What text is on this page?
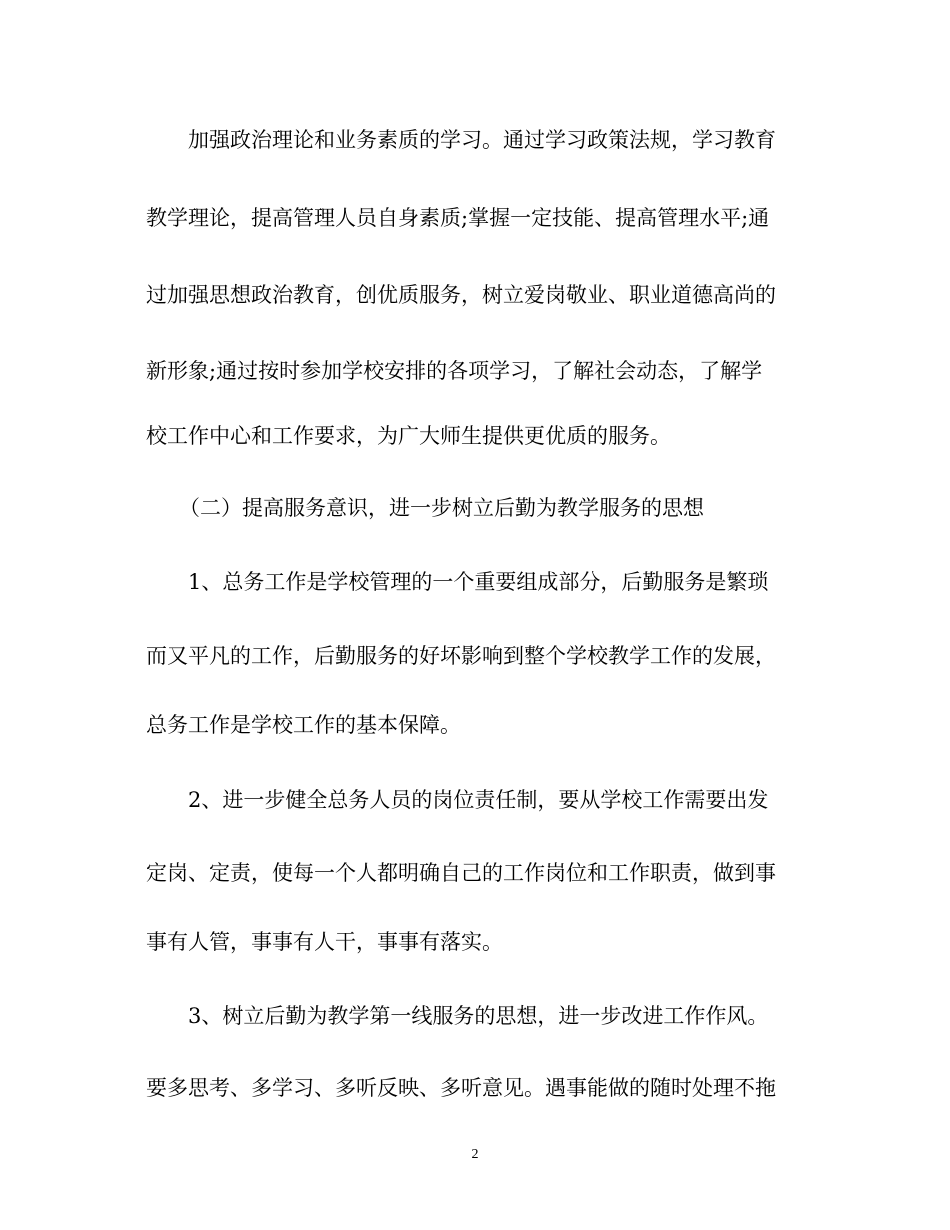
加强政治理论和业务素质的学习。通过学习政策法规，学习教育
教学理论，提高管理人员自身素质;掌握一定技能、提高管理水平;通
过加强思想政治教育，创优质服务，树立爱岗敬业、职业道德高尚的
新形象;通过按时参加学校安排的各项学习，了解社会动态，了解学
校工作中心和工作要求，为广大师生提供更优质的服务。
（二）提高服务意识，进一步树立后勤为教学服务的思想
1、总务工作是学校管理的一个重要组成部分，后勤服务是繁琐
而又平凡的工作，后勤服务的好坏影响到整个学校教学工作的发展，
总务工作是学校工作的基本保障。
2、进一步健全总务人员的岗位责任制，要从学校工作需要出发
定岗、定责，使每一个人都明确自己的工作岗位和工作职责，做到事
事有人管，事事有人干，事事有落实。
3、树立后勤为教学第一线服务的思想，进一步改进工作作风。
要多思考、多学习、多听反映、多听意见。遇事能做的随时处理不拖
2
